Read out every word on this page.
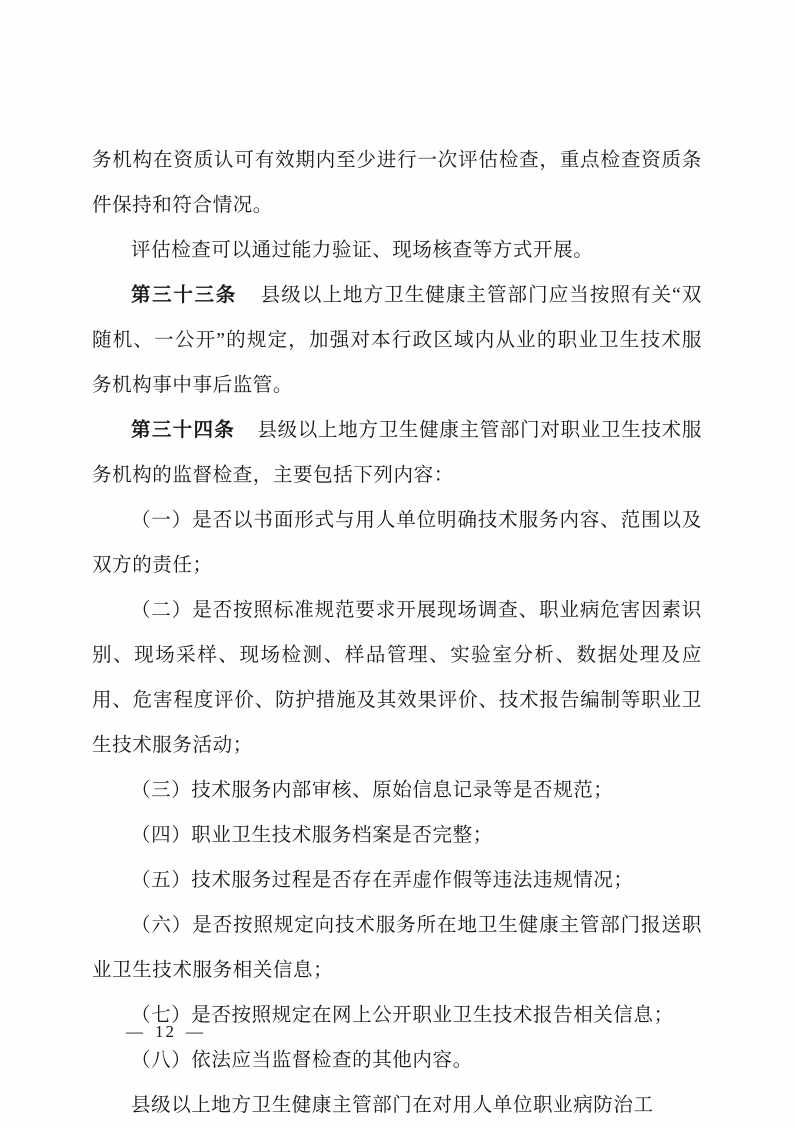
务机构在资质认可有效期内至少进行一次评估检查，重点检查资质条件保持和符合情况。

评估检查可以通过能力验证、现场核查等方式开展。

第三十三条 县级以上地方卫生健康主管部门应当按照有关“双随机、一公开”的规定，加强对本行政区域内从业的职业卫生技术服务机构事中事后监管。

第三十四条 县级以上地方卫生健康主管部门对职业卫生技术服务机构的监督检查，主要包括下列内容：

（一）是否以书面形式与用人单位明确技术服务内容、范围以及双方的责任；

（二）是否按照标准规范要求开展现场调查、职业病危害因素识别、现场采样、现场检测、样品管理、实验室分析、数据处理及应用、危害程度评价、防护措施及其效果评价、技术报告编制等职业卫生技术服务活动；

（三）技术服务内部审核、原始信息记录等是否规范；

（四）职业卫生技术服务档案是否完整；

（五）技术服务过程是否存在弄虚作假等违法违规情况；

（六）是否按照规定向技术服务所在地卫生健康主管部门报送职业卫生技术服务相关信息；

（七）是否按照规定在网上公开职业卫生技术报告相关信息；

（八）依法应当监督检查的其他内容。

县级以上地方卫生健康主管部门在对用人单位职业病防治工

— 12 —
